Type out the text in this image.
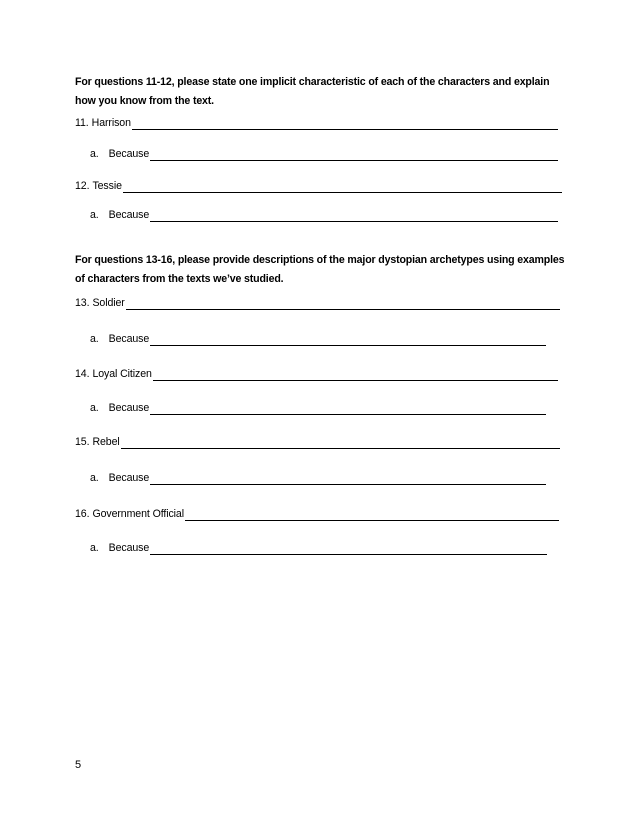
For questions 11-12, please state one implicit characteristic of each of the characters and explain how you know from the text.
11. Harrison
a. Because
12. Tessie
a. Because
For questions 13-16, please provide descriptions of the major dystopian archetypes using examples of characters from the texts we’ve studied.
13. Soldier
a. Because
14. Loyal Citizen
a. Because
15. Rebel
a. Because
16. Government Official
a. Because
5
